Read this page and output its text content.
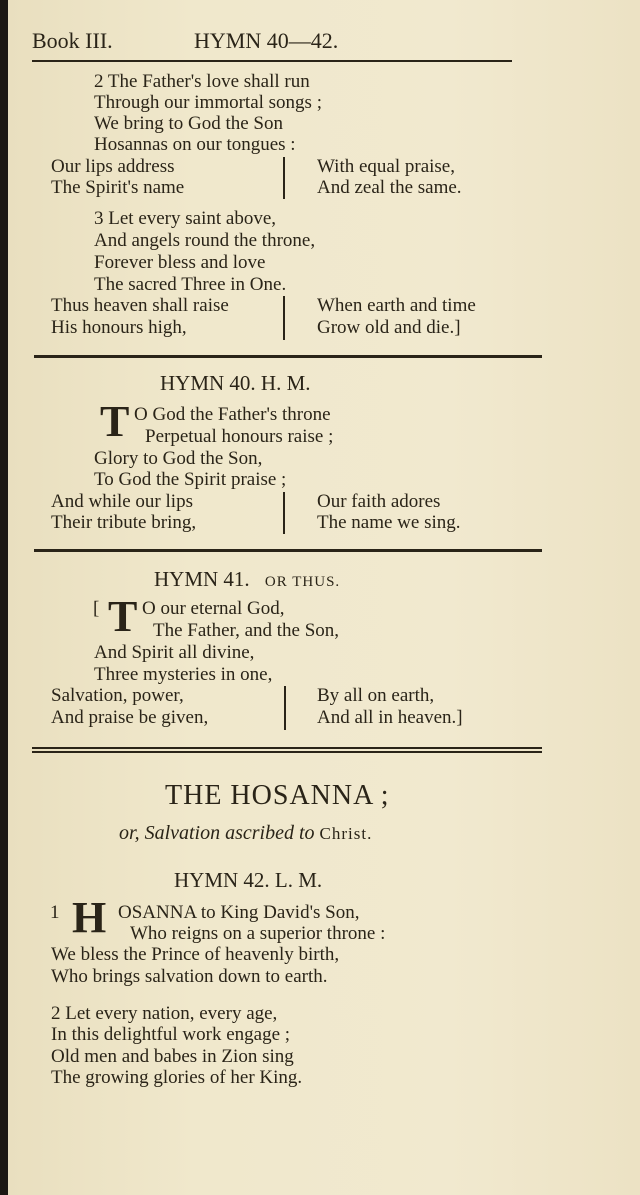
Book III.	HYMN 40—42.
2 The Father's love shall run
Through our immortal songs ;
We bring to God the Son
Hosannas on our tongues :
Our lips address
The Spirit's name
With equal praise,
And zeal the same.
3 Let every saint above,
And angels round the throne,
Forever bless and love
The sacred Three in One.
Thus heaven shall raise
His honours high,
When earth and time
Grow old and die.]
HYMN 40. H. M.
T O God the Father's throne
Perpetual honours raise ;
Glory to God the Son,
To God the Spirit praise ;
And while our lips
Their tribute bring,
Our faith adores
The name we sing.
HYMN 41. OR THUS.
[ T O our eternal God,
The Father, and the Son,
And Spirit all divine,
Three mysteries in one,
Salvation, power,
And praise be given,
By all on earth,
And all in heaven.]
THE HOSANNA ;
or, Salvation ascribed to Christ.
HYMN 42. L. M.
1 H OSANNA to King David's Son,
Who reigns on a superior throne :
We bless the Prince of heavenly birth,
Who brings salvation down to earth.
2 Let every nation, every age,
In this delightful work engage ;
Old men and babes in Zion sing
The growing glories of her King.
